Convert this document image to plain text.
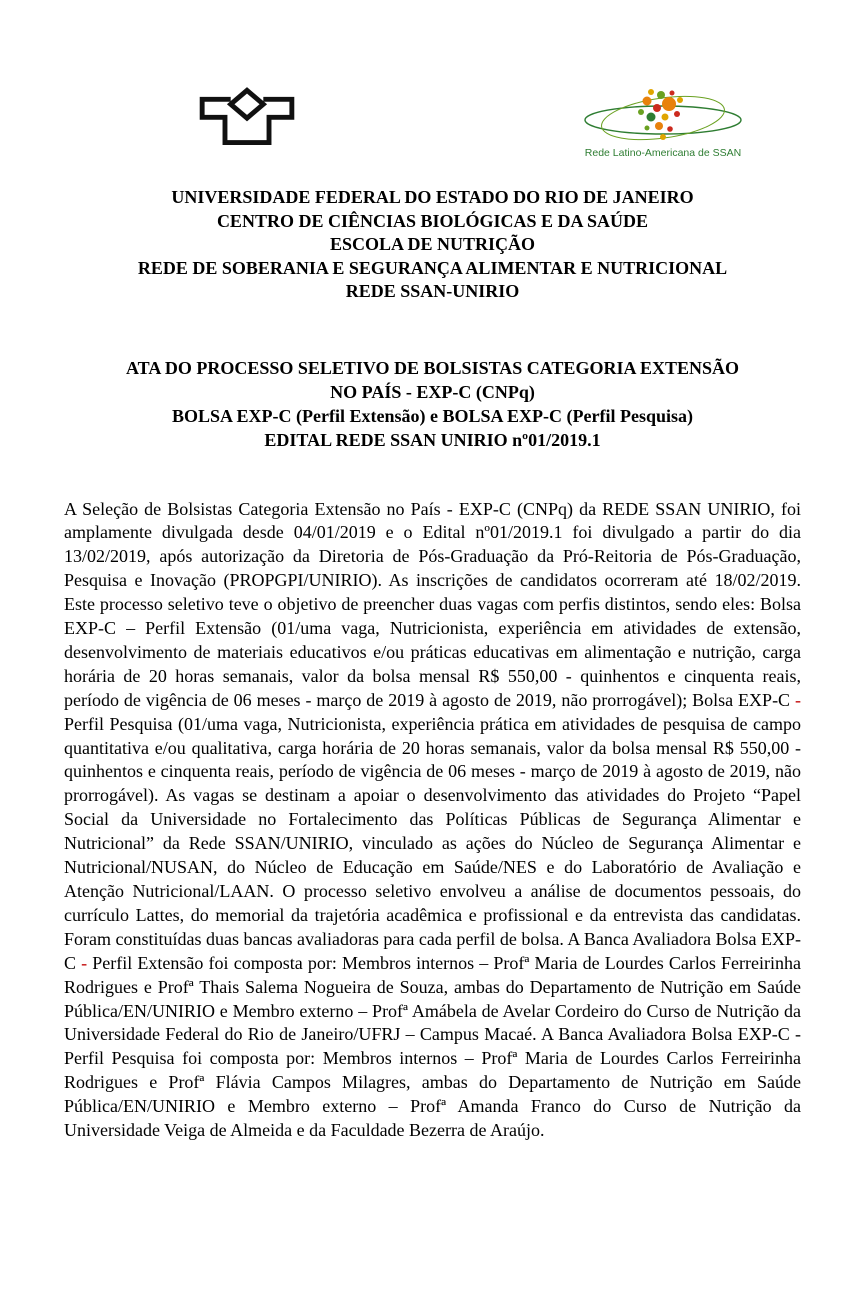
Rede Latino-Americana de SSAN
UNIVERSIDADE FEDERAL DO ESTADO DO RIO DE JANEIRO
CENTRO DE CIÊNCIAS BIOLÓGICAS E DA SAÚDE
ESCOLA DE NUTRIÇÃO
REDE DE SOBERANIA E SEGURANÇA ALIMENTAR E NUTRICIONAL
REDE SSAN-UNIRIO
ATA DO PROCESSO SELETIVO DE BOLSISTAS CATEGORIA EXTENSÃO
NO PAÍS - EXP-C (CNPq)
BOLSA EXP-C (Perfil Extensão) e BOLSA EXP-C (Perfil Pesquisa)
EDITAL REDE SSAN UNIRIO nº01/2019.1

A Seleção de Bolsistas Categoria Extensão no País - EXP-C (CNPq) da REDE SSAN UNIRIO, foi amplamente divulgada desde 04/01/2019 e o Edital nº01/2019.1 foi divulgado a partir do dia 13/02/2019, após autorização da Diretoria de Pós-Graduação da Pró-Reitoria de Pós-Graduação, Pesquisa e Inovação (PROPGPI/UNIRIO). As inscrições de candidatos ocorreram até 18/02/2019. Este processo seletivo teve o objetivo de preencher duas vagas com perfis distintos, sendo eles: Bolsa EXP-C – Perfil Extensão (01/uma vaga, Nutricionista, experiência em atividades de extensão, desenvolvimento de materiais educativos e/ou práticas educativas em alimentação e nutrição, carga horária de 20 horas semanais, valor da bolsa mensal R$ 550,00 - quinhentos e cinquenta reais, período de vigência de 06 meses - março de 2019 à agosto de 2019, não prorrogável); Bolsa EXP-C - Perfil Pesquisa (01/uma vaga, Nutricionista, experiência prática em atividades de pesquisa de campo quantitativa e/ou qualitativa, carga horária de 20 horas semanais, valor da bolsa mensal R$ 550,00 - quinhentos e cinquenta reais, período de vigência de 06 meses - março de 2019 à agosto de 2019, não prorrogável). As vagas se destinam a apoiar o desenvolvimento das atividades do Projeto “Papel Social da Universidade no Fortalecimento das Políticas Públicas de Segurança Alimentar e Nutricional” da Rede SSAN/UNIRIO, vinculado as ações do Núcleo de Segurança Alimentar e Nutricional/NUSAN, do Núcleo de Educação em Saúde/NES e do Laboratório de Avaliação e Atenção Nutricional/LAAN. O processo seletivo envolveu a análise de documentos pessoais, do currículo Lattes, do memorial da trajetória acadêmica e profissional e da entrevista das candidatas. Foram constituídas duas bancas avaliadoras para cada perfil de bolsa. A Banca Avaliadora Bolsa EXP-C - Perfil Extensão foi composta por: Membros internos – Profª Maria de Lourdes Carlos Ferreirinha Rodrigues e Profª Thais Salema Nogueira de Souza, ambas do Departamento de Nutrição em Saúde Pública/EN/UNIRIO e Membro externo – Profª Amábela de Avelar Cordeiro do Curso de Nutrição da Universidade Federal do Rio de Janeiro/UFRJ – Campus Macaé. A Banca Avaliadora Bolsa EXP-C - Perfil Pesquisa foi composta por: Membros internos – Profª Maria de Lourdes Carlos Ferreirinha Rodrigues e Profª Flávia Campos Milagres, ambas do Departamento de Nutrição em Saúde Pública/EN/UNIRIO e Membro externo – Profª Amanda Franco do Curso de Nutrição da Universidade Veiga de Almeida e da Faculdade Bezerra de Araújo.
